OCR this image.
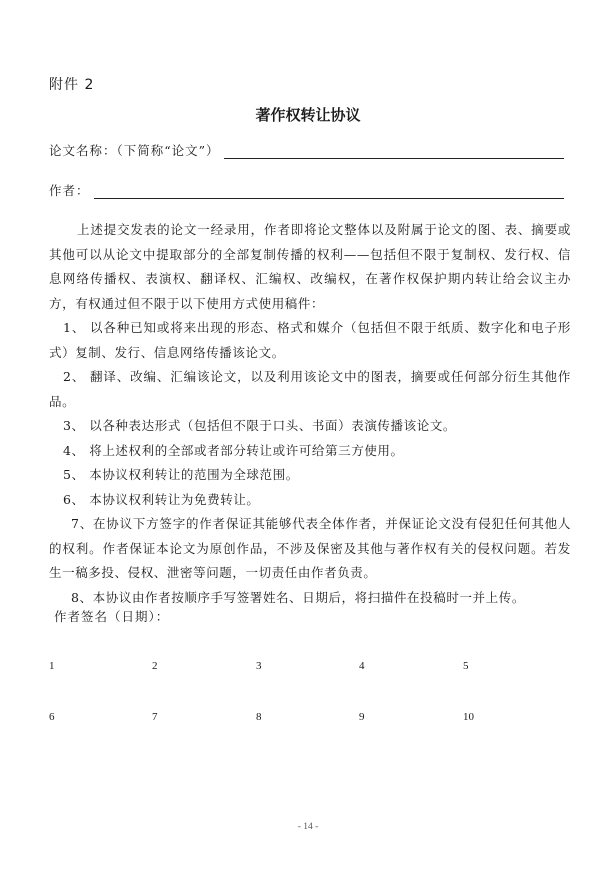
附件 2
著作权转让协议
论文名称：（下简称“论文”）
作者：

上述提交发表的论文一经录用，作者即将论文整体以及附属于论文的图、表、摘要或其他可以从论文中提取部分的全部复制传播的权利——包括但不限于复制权、发行权、信息网络传播权、表演权、翻译权、汇编权、改编权，在著作权保护期内转让给会议主办方，有权通过但不限于以下使用方式使用稿件：

1、 以各种已知或将来出现的形态、格式和媒介（包括但不限于纸质、数字化和电子形式）复制、发行、信息网络传播该论文。

2、 翻译、改编、汇编该论文，以及利用该论文中的图表，摘要或任何部分衍生其他作品。

3、 以各种表达形式（包括但不限于口头、书面）表演传播该论文。

4、 将上述权利的全部或者部分转让或许可给第三方使用。

5、 本协议权利转让的范围为全球范围。

6、 本协议权利转让为免费转让。

7、在协议下方签字的作者保证其能够代表全体作者，并保证论文没有侵犯任何其他人的权利。作者保证本论文为原创作品，不涉及保密及其他与著作权有关的侵权问题。若发生一稿多投、侵权、泄密等问题，一切责任由作者负责。

8、本协议由作者按顺序手写签署姓名、日期后，将扫描件在投稿时一并上传。

作者签名（日期）：
1	2	3	4	5
6	7	8	9	10
- 14 -
